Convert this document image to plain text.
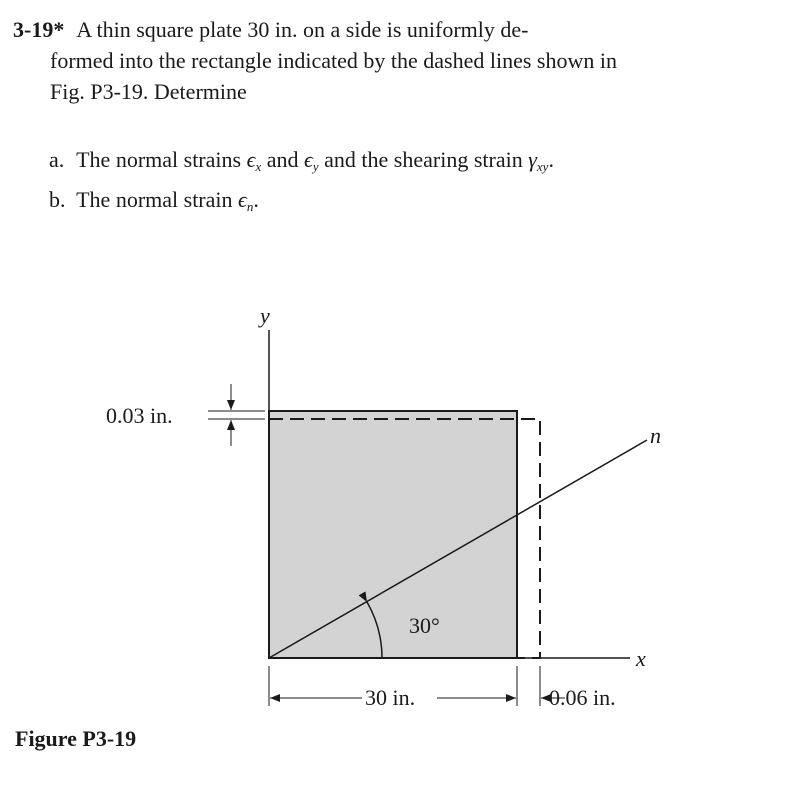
3-19* A thin square plate 30 in. on a side is uniformly de-
formed into the rectangle indicated by the dashed lines shown in
Fig. P3-19. Determine
a. The normal strains $\epsilon_x$ and $\epsilon_y$ and the shearing strain $\gamma_{xy}$.
b. The normal strain $\epsilon_n$.
y
x
n
30°
0.03 in.
30 in.	0.06 in.
Figure P3-19
